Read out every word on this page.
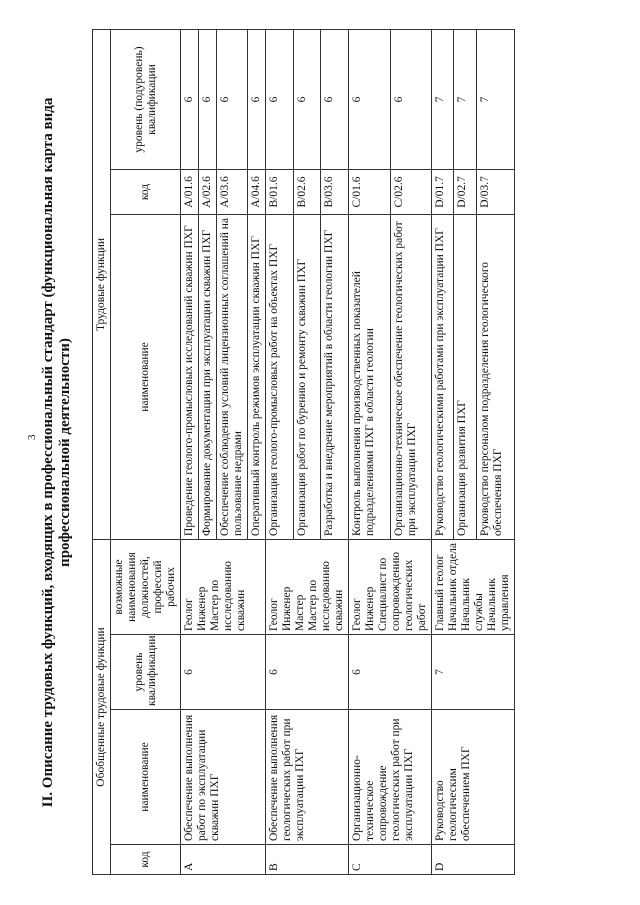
3 II. Описание трудовых функций, входящих в профессиональный стандарт (функциональная карта вида профессиональной деятельности)
Обобщенные трудовые функции				Трудовые функции		
код	наименование	уровень квалификации	возможные наименования должностей, профессий рабочих	наименование	код	уровень (подуровень) квалификации
A	Обеспечение выполнения работ по эксплуатации скважин ПХГ	6	Геолог
Инженер
Мастер по исследованию скважин	Проведение геолого-промысловых исследований скважин ПХГ	A/01.6	6
				Формирование документации при эксплуатации скважин ПХГ	A/02.6	6
				Обеспечение соблюдения условий лицензионных соглашений на пользование недрами	A/03.6	6
				Оперативный контроль режимов эксплуатации скважин ПХГ	A/04.6	6
B	Обеспечение выполнения геологических работ при эксплуатации ПХГ	6	Геолог
Инженер
Мастер
Мастер по исследованию скважин	Организация геолого-промысловых работ на объектах ПХГ	B/01.6	6
				Организация работ по бурению и ремонту скважин ПХГ	B/02.6	6
				Разработка и внедрение мероприятий в области геологии ПХГ	B/03.6	6
C	Организационно-техническое сопровождение геологических работ при эксплуатации ПХГ	6	Геолог
Инженер
Специалист по сопровождению геологических работ	Контроль выполнения производственных показателей подразделениями ПХГ в области геологии	C/01.6	6
				Организационно-техническое обеспечение геологических работ при эксплуатации ПХГ	C/02.6	6
D	Руководство геологическим обеспечением ПХГ	7	Главный геолог
Начальник отдела
Начальник службы
Начальник управления	Руководство геологическими работами при эксплуатации ПХГ	D/01.7	7
				Организация развития ПХГ	D/02.7	7
				Руководство персоналом подразделения геологического обеспечения ПХГ	D/03.7	7
